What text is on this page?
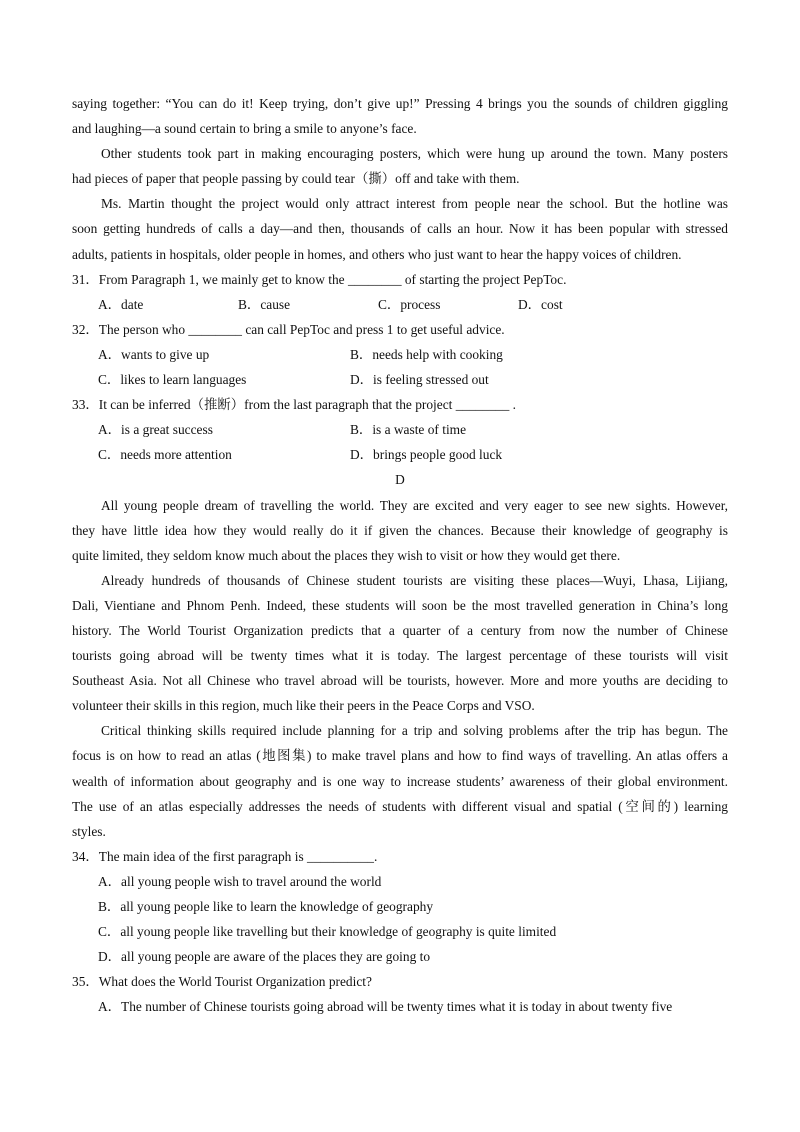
saying together: “You can do it! Keep trying, don’t give up!” Pressing 4 brings you the sounds of children giggling
and laughing—a sound certain to bring a smile to anyone’s face.
Other students took part in making encouraging posters, which were hung up around the town. Many posters
had pieces of paper that people passing by could tear（撕）off and take with them.
Ms. Martin thought the project would only attract interest from people near the school. But the hotline was
soon getting hundreds of calls a day—and then, thousands of calls an hour. Now it has been popular with stressed
adults, patients in hospitals, older people in homes, and others who just want to hear the happy voices of children.
31．From Paragraph 1, we mainly get to know the ________ of starting the project PepToc.
A．date	B．cause	C．process	D．cost
32．The person who ________ can call PepToc and press 1 to get useful advice.
A．wants to give up	B．needs help with cooking
C．likes to learn languages	D．is feeling stressed out
33．It can be inferred（推断）from the last paragraph that the project ________ .
A．is a great success	B．is a waste of time
C．needs more attention	D．brings people good luck
D
All young people dream of travelling the world. They are excited and very eager to see new sights. However,
they have little idea how they would really do it if given the chances. Because their knowledge of geography is
quite limited, they seldom know much about the places they wish to visit or how they would get there.
Already hundreds of thousands of Chinese student tourists are visiting these places—Wuyi, Lhasa, Lijiang,
Dali, Vientiane and Phnom Penh. Indeed, these students will soon be the most travelled generation in China’s long
history. The World Tourist Organization predicts that a quarter of a century from now the number of Chinese
tourists going abroad will be twenty times what it is today. The largest percentage of these tourists will visit
Southeast Asia. Not all Chinese who travel abroad will be tourists, however. More and more youths are deciding to
volunteer their skills in this region, much like their peers in the Peace Corps and VSO.
Critical thinking skills required include planning for a trip and solving problems after the trip has begun. The
focus is on how to read an atlas (地图集) to make travel plans and how to find ways of travelling. An atlas offers a
wealth of information about geography and is one way to increase students’ awareness of their global environment.
The use of an atlas especially addresses the needs of students with different visual and spatial (空间的) learning
styles.
34．The main idea of the first paragraph is __________.
A．all young people wish to travel around the world
B．all young people like to learn the knowledge of geography
C．all young people like travelling but their knowledge of geography is quite limited
D．all young people are aware of the places they are going to
35．What does the World Tourist Organization predict?
A．The number of Chinese tourists going abroad will be twenty times what it is today in about twenty five
